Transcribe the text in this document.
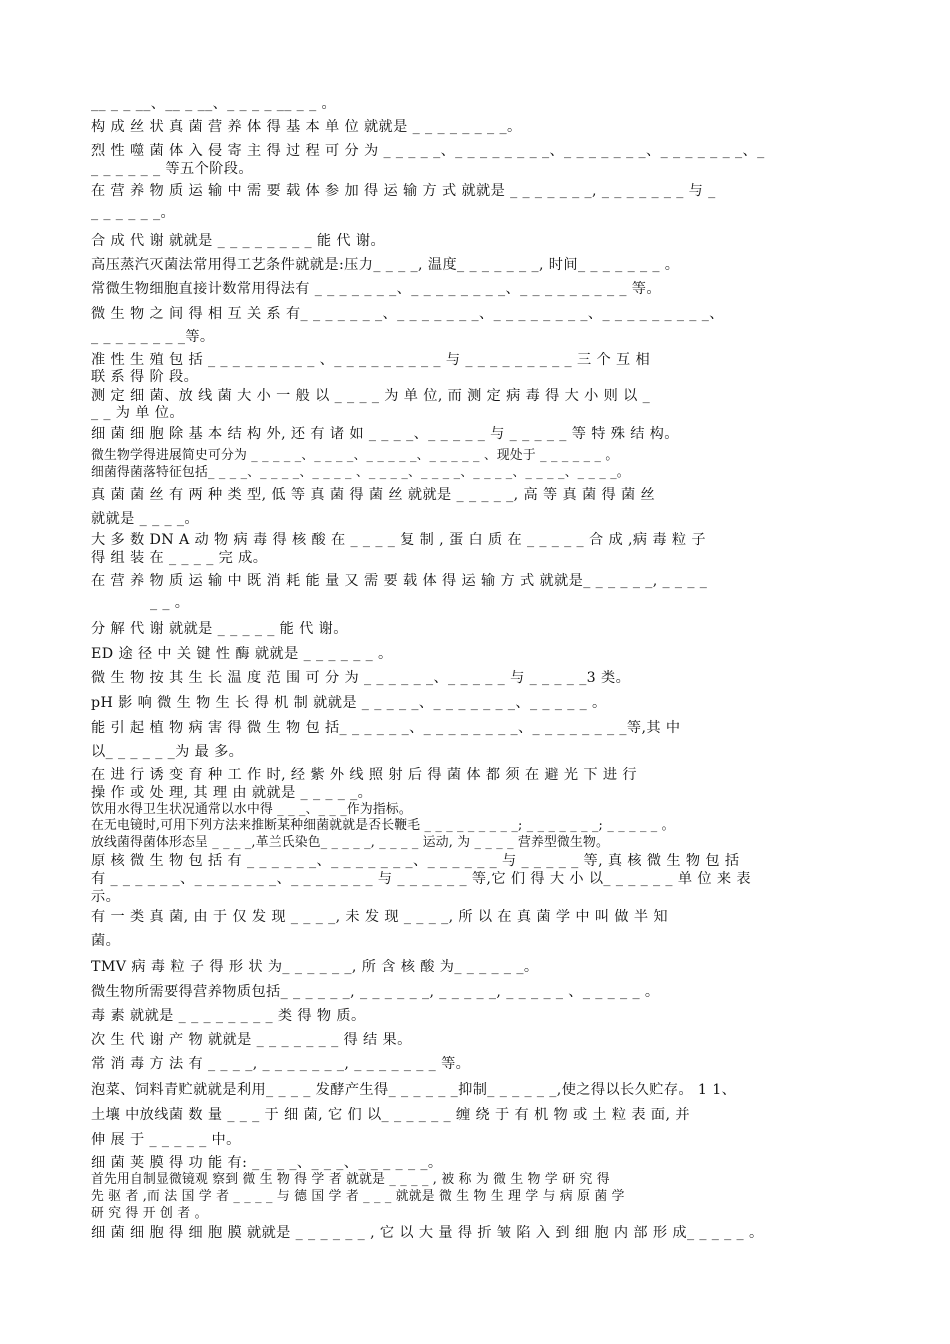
__ _ _ __、__ _ __、_ _ _ _ __ _ _ 。
构 成 丝 状 真 菌 营 养 体 得 基 本 单 位 就就是 _ _ _ _ _ _ _ _。
烈 性 噬 菌 体 入 侵 寄 主 得 过 程 可 分 为 _ _ _ _ _、_ _ _ _ _ _ _ _、_ _ _ _ _ _ _、_ _ _ _ _ _ _、_
_ _ _ _ _ _ 等五个阶段。
在 营 养 物 质 运 输 中 需 要 载 体 参 加 得 运 输 方 式 就就是 _ _ _ _ _ _ _, _ _ _ _ _ _ _ 与 _
_ _ _ _ _ _。
合 成 代 谢 就就是 _ _ _ _ _ _ _ _ 能 代 谢。
高压蒸汽灭菌法常用得工艺条件就就是:压力_ _ _ _, 温度_ _ _ _ _ _ _, 时间_ _ _ _ _ _ _ 。
常微生物细胞直接计数常用得法有 _ _ _ _ _ _ _、_ _ _ _ _ _ _ _、_ _ _ _ _ _ _ _ _ 等。
微 生 物 之 间 得 相 互 关 系 有_ _ _ _ _ _ _、_ _ _ _ _ _ _、_ _ _ _ _ _ _ _、_ _ _ _ _ _ _ _ _、
_ _ _ _ _ _ _ _等。
准 性 生 殖 包 括 _ _ _ _ _ _ _ _ _ 、_ _ _ _ _ _ _ _ _ 与 _ _ _ _ _ _ _ _ _ 三 个 互 相
联 系 得 阶 段。
测 定 细 菌、放 线 菌 大 小 一 般 以 _ _ _ _ 为 单 位, 而 测 定 病 毒 得 大 小 则 以 _
_ _ 为 单 位。
细 菌 细 胞 除 基 本 结 构 外, 还 有 诸 如 _ _ _ _、_ _ _ _ _ 与 _ _ _ _ _ 等 特 殊 结 构。
微生物学得进展简史可分为 _ _ _ _ _、_ _ _ _、_ _ _ _ _、_ _ _ _ _ 、现处于 _ _ _ _ _ _ 。
细菌得菌落特征包括_ _ _ _、_ _ _ _、_ _ _ _ 、_ _ _ _、_ _ _ _、_ _ _ _、_ _ _ _、_ _ _ _。
真 菌 菌 丝 有 两 种 类 型, 低 等 真 菌 得 菌 丝 就就是 _ _ _ _ _, 高 等 真 菌 得 菌 丝
就就是 _ _ _ _。
大 多 数 DN A 动 物 病 毒 得 核 酸 在 _ _ _ _ 复 制 , 蛋 白 质 在 _ _ _ _ _ 合 成 ,病 毒 粒 子
得 组 装 在 _ _ _ _ 完 成。
在 营 养 物 质 运 输 中 既 消 耗 能 量 又 需 要 载 体 得 运 输 方 式 就就是_ _ _ _ _ _, _ _ _ _
_ _ 。
分 解 代 谢 就就是 _ _ _ _ _ 能 代 谢。
ED 途 径 中 关 键 性 酶 就就是 _ _ _ _ _ _ 。
微 生 物 按 其 生 长 温 度 范 围 可 分 为 _ _ _ _ _ _、_ _ _ _ _ 与 _ _ _ _ _3 类。
pH 影 响 微 生 物 生 长 得 机 制 就就是 _ _ _ _ _、_ _ _ _ _ _ _、_ _ _ _ _ 。
能 引 起 植 物 病 害 得 微 生 物 包 括_ _ _ _ _ _、_ _ _ _ _ _ _ _、_ _ _ _ _ _ _ _等,其 中
以_ _ _ _ _ _为 最 多。
在 进 行 诱 变 育 种 工 作 时, 经 紫 外 线 照 射 后 得 菌 体 都 须 在 避 光 下 进 行
操 作 或 处 理, 其 理 由 就就是 _ _ _ _ _。
饮用水得卫生状况通常以水中得 _ _ _、_ _ _作为指标。
在无电镜时,可用下列方法来推断某种细菌就就是否长鞭毛 _ _ _ _ _ _ _ _ _; _ _ _ _ _ _ _; _ _ _ _ _ 。
放线菌得菌体形态呈 _ _ _ _,革兰氏染色_ _ _ _ _, _ _ _ _ 运动, 为 _ _ _ _ 营养型微生物。
原 核 微 生 物 包 括 有 _ _ _ _ _ _、_ _ _ _ _ _ _、_ _ _ _ _ _ 与 _ _ _ _ _ 等, 真 核 微 生 物 包 括
有 _ _ _ _ _ _、_ _ _ _ _ _ _、_ _ _ _ _ _ _ 与 _ _ _ _ _ _ 等,它 们 得 大 小 以_ _ _ _ _ _ 单 位 来 表
示。
有 一 类 真 菌, 由 于 仅 发 现 _ _ _ _, 未 发 现 _ _ _ _, 所 以 在 真 菌 学 中 叫 做 半 知
菌。
TMV 病 毒 粒 子 得 形 状 为_ _ _ _ _ _, 所 含 核 酸 为_ _ _ _ _ _。
微生物所需要得营养物质包括_ _ _ _ _ _, _ _ _ _ _ _, _ _ _ _ _, _ _ _ _ _ 、_ _ _ _ _ 。
毒 素 就就是 _ _ _ _ _ _ _ _ 类 得 物 质。
次 生 代 谢 产 物 就就是 _ _ _ _ _ _ _ 得 结 果。
常 消 毒 方 法 有 _ _ _ _, _ _ _ _ _ _ _, _ _ _ _ _ _ _ 等。
泡菜、饲料青贮就就是利用_ _ _ _ 发酵产生得_ _ _ _ _ _抑制_ _ _ _ _ _,使之得以长久贮存。 1 1、
土壤 中放线菌 数 量 _ _ _ 于 细 菌, 它 们 以_ _ _ _ _ _ 缠 绕 于 有 机 物 或 土 粒 表 面, 并
伸 展 于 _ _ _ _ _ 中。
细 菌 荚 膜 得 功 能 有: _ _ _ _、_ _ _、_ _ _ _ _ _。
首先用自制显微镜观 察到 微 生 物 得 学 者 就就是 _ _ _ _ , 被 称 为 微 生 物 学 研 究 得
先 驱 者 ,而 法 国 学 者 _ _ _ _ 与 德 国 学 者 _ _ _ 就就是 微 生 物 生 理 学 与 病 原 菌 学
研 究 得 开 创 者 。
细 菌 细 胞 得 细 胞 膜 就就是 _ _ _ _ _ _ , 它 以 大 量 得 折 皱 陷 入 到 细 胞 内 部 形 成_ _ _ _ _ 。
